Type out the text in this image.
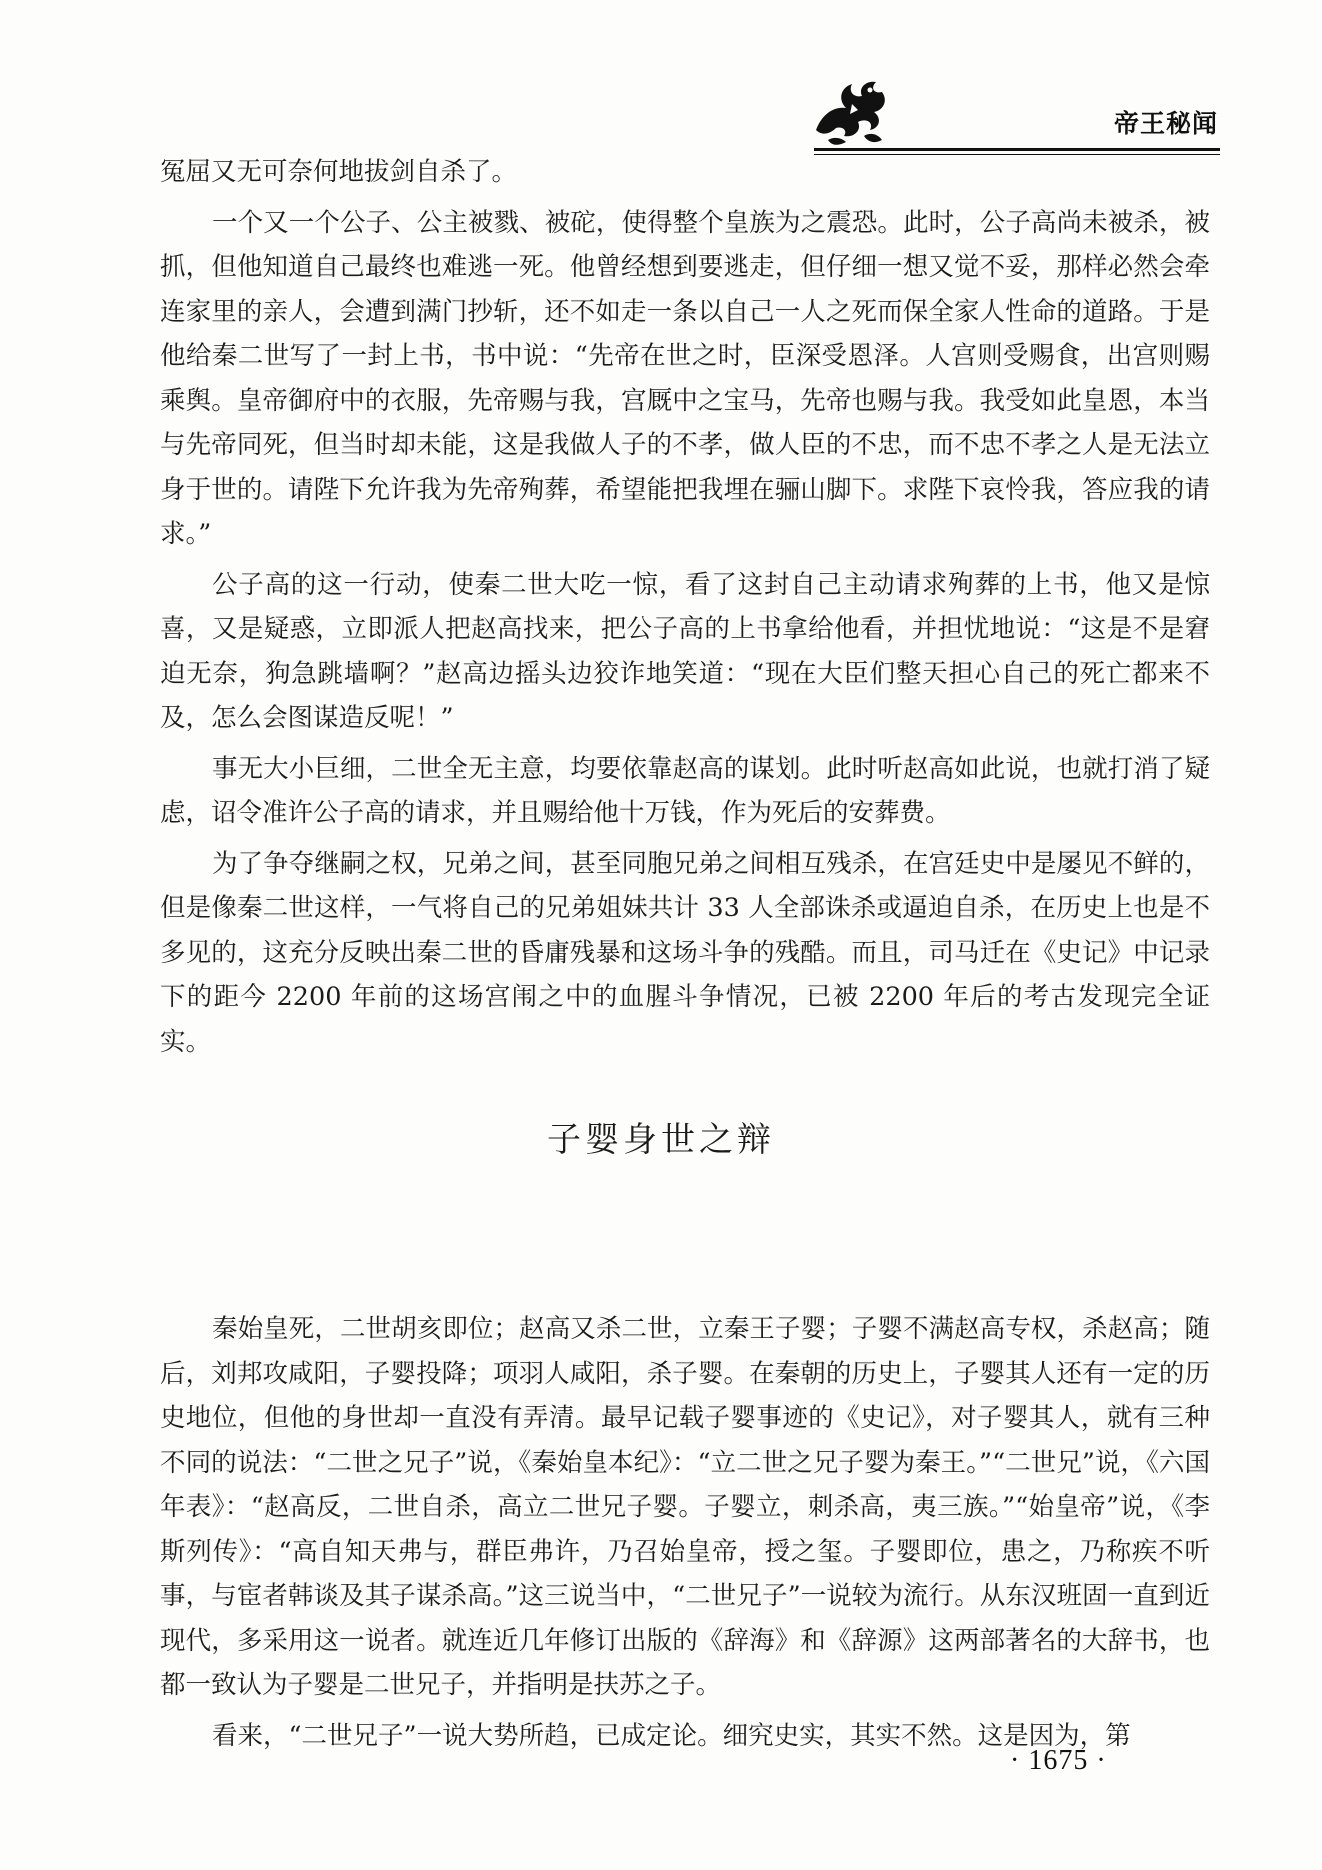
帝王秘闻

冤屈又无可奈何地拔剑自杀了。

一个又一个公子、公主被戮、被砣，使得整个皇族为之震恐。此时，公子高尚未被杀，被抓，但他知道自己最终也难逃一死。他曾经想到要逃走，但仔细一想又觉不妥，那样必然会牵连家里的亲人，会遭到满门抄斩，还不如走一条以自己一人之死而保全家人性命的道路。于是他给秦二世写了一封上书，书中说：“先帝在世之时，臣深受恩泽。人宫则受赐食，出宫则赐乘舆。皇帝御府中的衣服，先帝赐与我，宫厩中之宝马，先帝也赐与我。我受如此皇恩，本当与先帝同死，但当时却未能，这是我做人子的不孝，做人臣的不忠，而不忠不孝之人是无法立身于世的。请陛下允许我为先帝殉葬，希望能把我埋在骊山脚下。求陛下哀怜我，答应我的请求。”

公子高的这一行动，使秦二世大吃一惊，看了这封自己主动请求殉葬的上书，他又是惊喜，又是疑惑，立即派人把赵高找来，把公子高的上书拿给他看，并担忧地说：“这是不是窘迫无奈，狗急跳墙啊？”赵高边摇头边狡诈地笑道：“现在大臣们整天担心自己的死亡都来不及，怎么会图谋造反呢！”

事无大小巨细，二世全无主意，均要依靠赵高的谋划。此时听赵高如此说，也就打消了疑虑，诏令准许公子高的请求，并且赐给他十万钱，作为死后的安葬费。

为了争夺继嗣之权，兄弟之间，甚至同胞兄弟之间相互残杀，在宫廷史中是屡见不鲜的，但是像秦二世这样，一气将自己的兄弟姐妹共计 33 人全部诛杀或逼迫自杀，在历史上也是不多见的，这充分反映出秦二世的昏庸残暴和这场斗争的残酷。而且，司马迁在《史记》中记录下的距今 2200 年前的这场宫闱之中的血腥斗争情况，已被 2200 年后的考古发现完全证实。

子婴身世之辩

秦始皇死，二世胡亥即位；赵高又杀二世，立秦王子婴；子婴不满赵高专权，杀赵高；随后，刘邦攻咸阳，子婴投降；项羽人咸阳，杀子婴。在秦朝的历史上，子婴其人还有一定的历史地位，但他的身世却一直没有弄清。最早记载子婴事迹的《史记》，对子婴其人，就有三种不同的说法：“二世之兄子”说，《秦始皇本纪》：“立二世之兄子婴为秦王。”“二世兄”说，《六国年表》：“赵高反，二世自杀，高立二世兄子婴。子婴立，刺杀高，夷三族。”“始皇帝”说，《李斯列传》：“高自知天弗与，群臣弗许，乃召始皇帝，授之玺。子婴即位，患之，乃称疾不听事，与宦者韩谈及其子谋杀高。”这三说当中，“二世兄子”一说较为流行。从东汉班固一直到近现代，多采用这一说者。就连近几年修订出版的《辞海》和《辞源》这两部著名的大辞书，也都一致认为子婴是二世兄子，并指明是扶苏之子。

看来，“二世兄子”一说大势所趋，已成定论。细究史实，其实不然。这是因为，第

· 1675 ·
